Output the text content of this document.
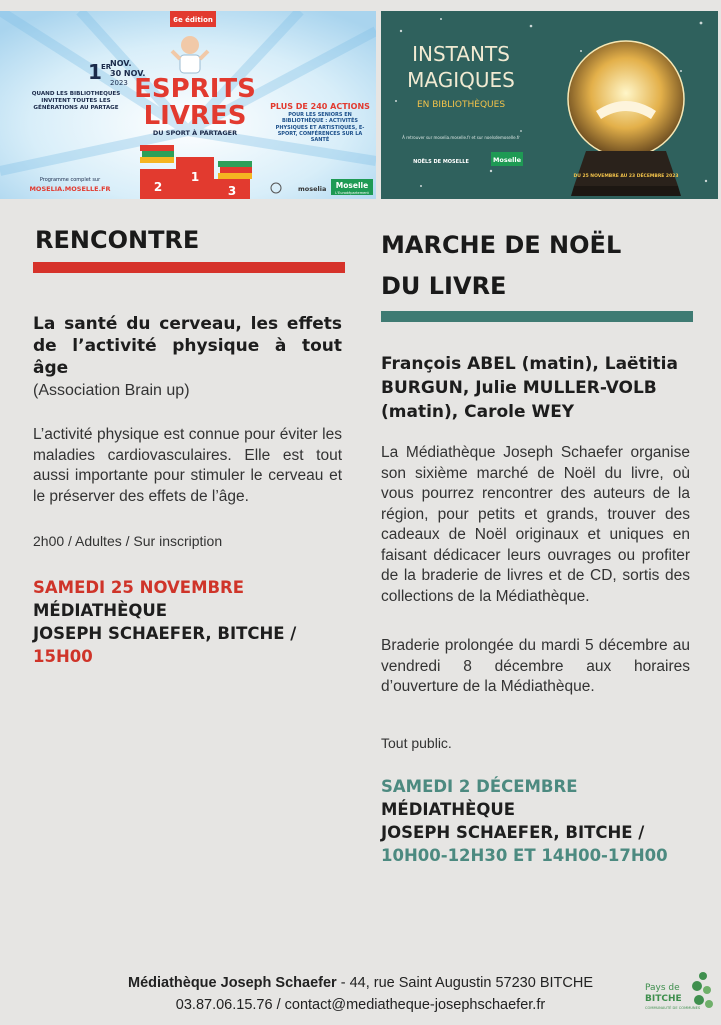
6e édition
1 ER
NOV.
30 NOV.
2023 ESPRITS
LIVRES
DU SPORT À PARTAGER
QUAND LES BIBLIOTHÈQUES INVITENT TOUTES LES GÉNÉRATIONS AU PARTAGE
Programme complet sur
MOSELIA.MOSELLE.FR
PLUS DE 240 ACTIONS
POUR LES SÉNIORS EN BIBLIOTHÈQUE : ACTIVITÉS PHYSIQUES ET ARTISTIQUES, E-SPORT, CONFÉRENCES SUR LA SANTÉ
2
1
3	moselia Moselle
L'Eurodépartement
INSTANTS
MAGIQUES
EN BIBLIOTHÈQUES
À retrouver sur moselia.moselle.fr et sur noelsdemoselle.fr
NOËLS DE MOSELLE	Moselle
DU 25 NOVEMBRE AU 23 DÉCEMBRE 2023
RENCONTRE

La santé du cerveau, les effets de l’activité physique à tout âge

(Association Brain up)

L’activité physique est connue pour éviter les maladies cardiovasculaires. Elle est tout aussi importante pour stimuler le cerveau et le préserver des effets de l’âge.

2h00 / Adultes / Sur inscription
SAMEDI 25 NOVEMBRE
MÉDIATHÈQUE
JOSEPH SCHAEFER, BITCHE /
15H00
MARCHE DE NOËL
DU LIVRE

François ABEL (matin), Laëtitia BURGUN, Julie MULLER-VOLB (matin), Carole WEY

La Médiathèque Joseph Schaefer organise son sixième marché de Noël du livre, où vous pourrez rencontrer des auteurs de la région, pour petits et grands, trouver des cadeaux de Noël originaux et uniques en faisant dédicacer leurs ouvrages ou profiter de la braderie de livres et de CD, sortis des collections de la Médiathèque.

Braderie prolongée du mardi 5 décembre au vendredi 8 décembre aux horaires d’ouverture de la Médiathèque.

Tout public.
SAMEDI 2 DÉCEMBRE
MÉDIATHÈQUE
JOSEPH SCHAEFER, BITCHE /
10H00-12H30 ET 14H00-17H00
Médiathèque Joseph Schaefer - 44, rue Saint Augustin 57230 BITCHE
03.87.06.15.76 / contact@mediatheque-josephschaefer.fr
Pays de
BITCHE
COMMUNAUTÉ DE COMMUNES
